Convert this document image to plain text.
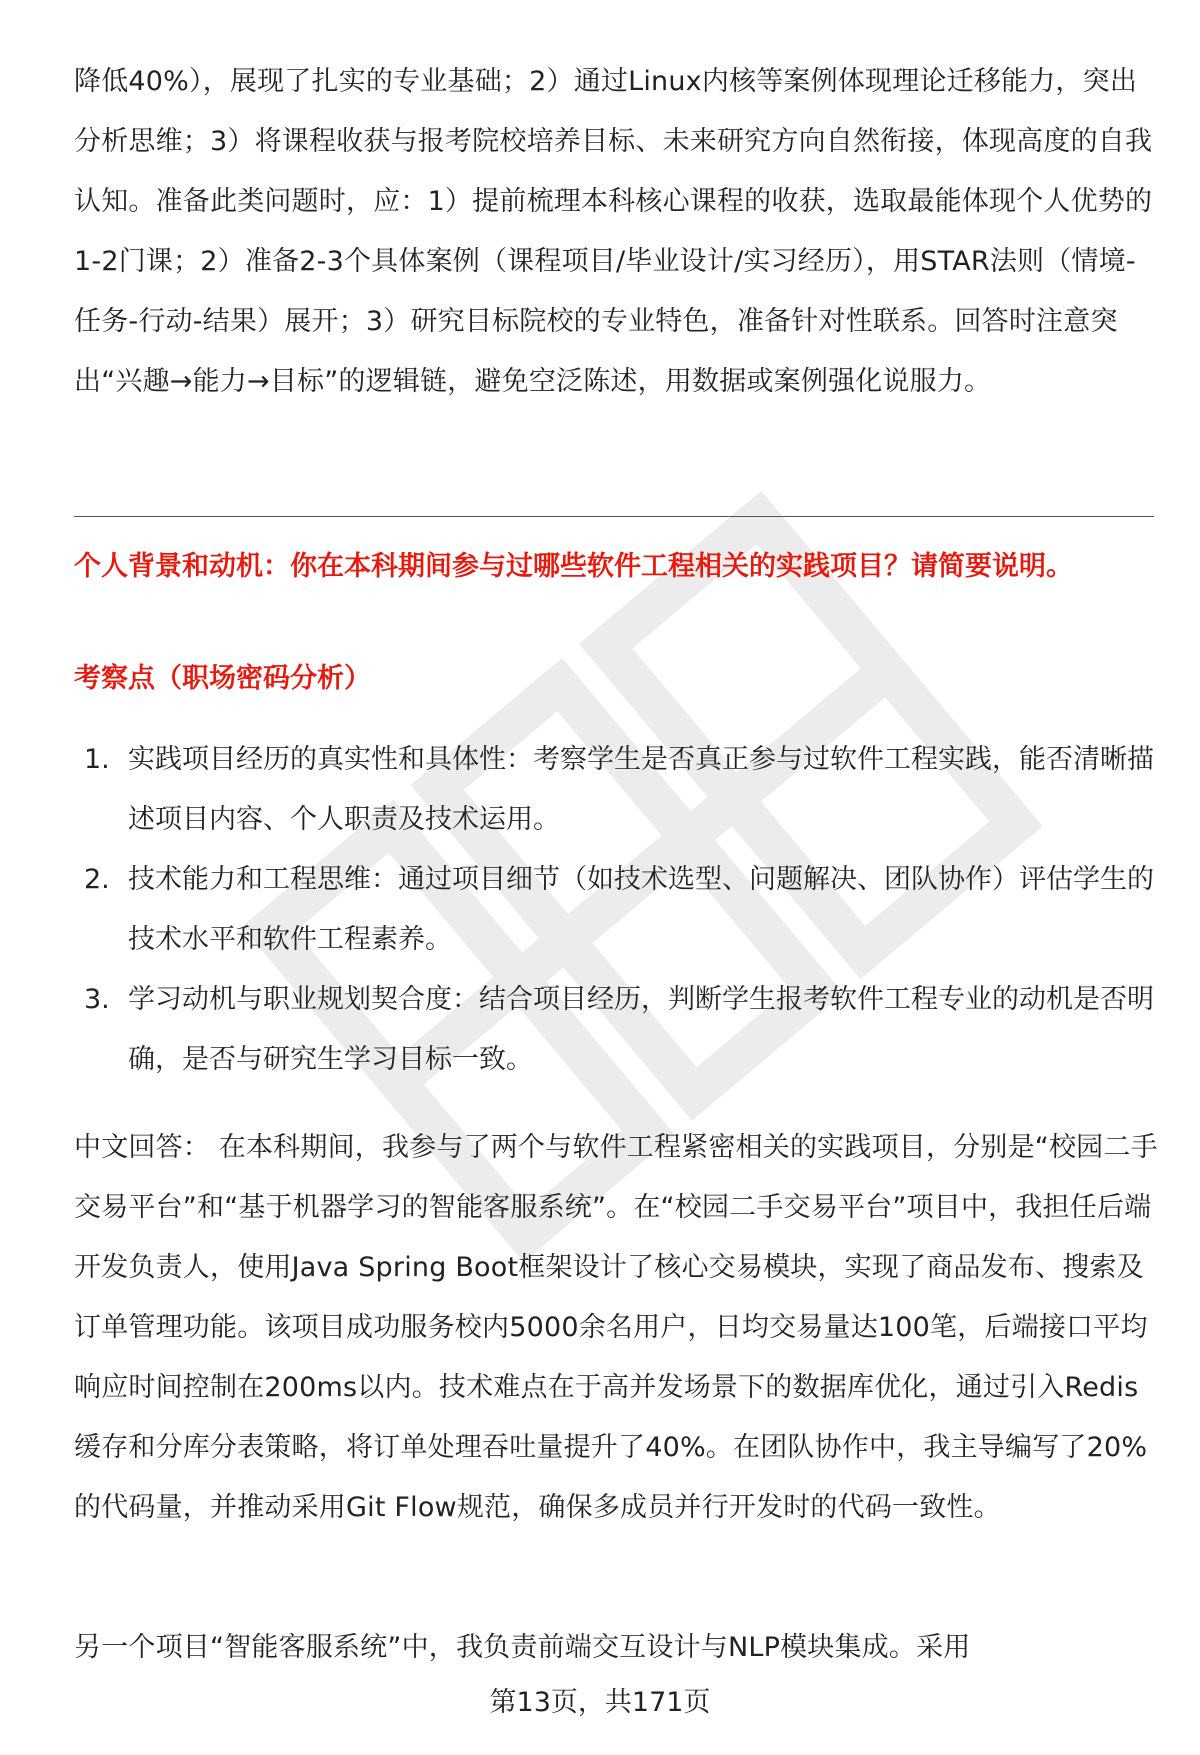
降低40%），展现了扎实的专业基础；2）通过Linux内核等案例体现理论迁移能力，突出分析思维；3）将课程收获与报考院校培养目标、未来研究方向自然衔接，体现高度的自我认知。准备此类问题时，应：1）提前梳理本科核心课程的收获，选取最能体现个人优势的1-2门课；2）准备2-3个具体案例（课程项目/毕业设计/实习经历），用STAR法则（情境-任务-行动-结果）展开；3）研究目标院校的专业特色，准备针对性联系。回答时注意突出“兴趣→能力→目标”的逻辑链，避免空泛陈述，用数据或案例强化说服力。

个人背景和动机：你在本科期间参与过哪些软件工程相关的实践项目？请简要说明。

考察点（职场密码分析）

1. 实践项目经历的真实性和具体性：考察学生是否真正参与过软件工程实践，能否清晰描述项目内容、个人职责及技术运用。
2. 技术能力和工程思维：通过项目细节（如技术选型、问题解决、团队协作）评估学生的技术水平和软件工程素养。
3. 学习动机与职业规划契合度：结合项目经历，判断学生报考软件工程专业的动机是否明确，是否与研究生学习目标一致。

中文回答： 在本科期间，我参与了两个与软件工程紧密相关的实践项目，分别是“校园二手交易平台”和“基于机器学习的智能客服系统”。在“校园二手交易平台”项目中，我担任后端开发负责人，使用Java Spring Boot框架设计了核心交易模块，实现了商品发布、搜索及订单管理功能。该项目成功服务校内5000余名用户，日均交易量达100笔，后端接口平均响应时间控制在200ms以内。技术难点在于高并发场景下的数据库优化，通过引入Redis缓存和分库分表策略，将订单处理吞吐量提升了40%。在团队协作中，我主导编写了20%的代码量，并推动采用Git Flow规范，确保多成员并行开发时的代码一致性。

另一个项目“智能客服系统”中，我负责前端交互设计与NLP模块集成。采用

第13页，共171页
